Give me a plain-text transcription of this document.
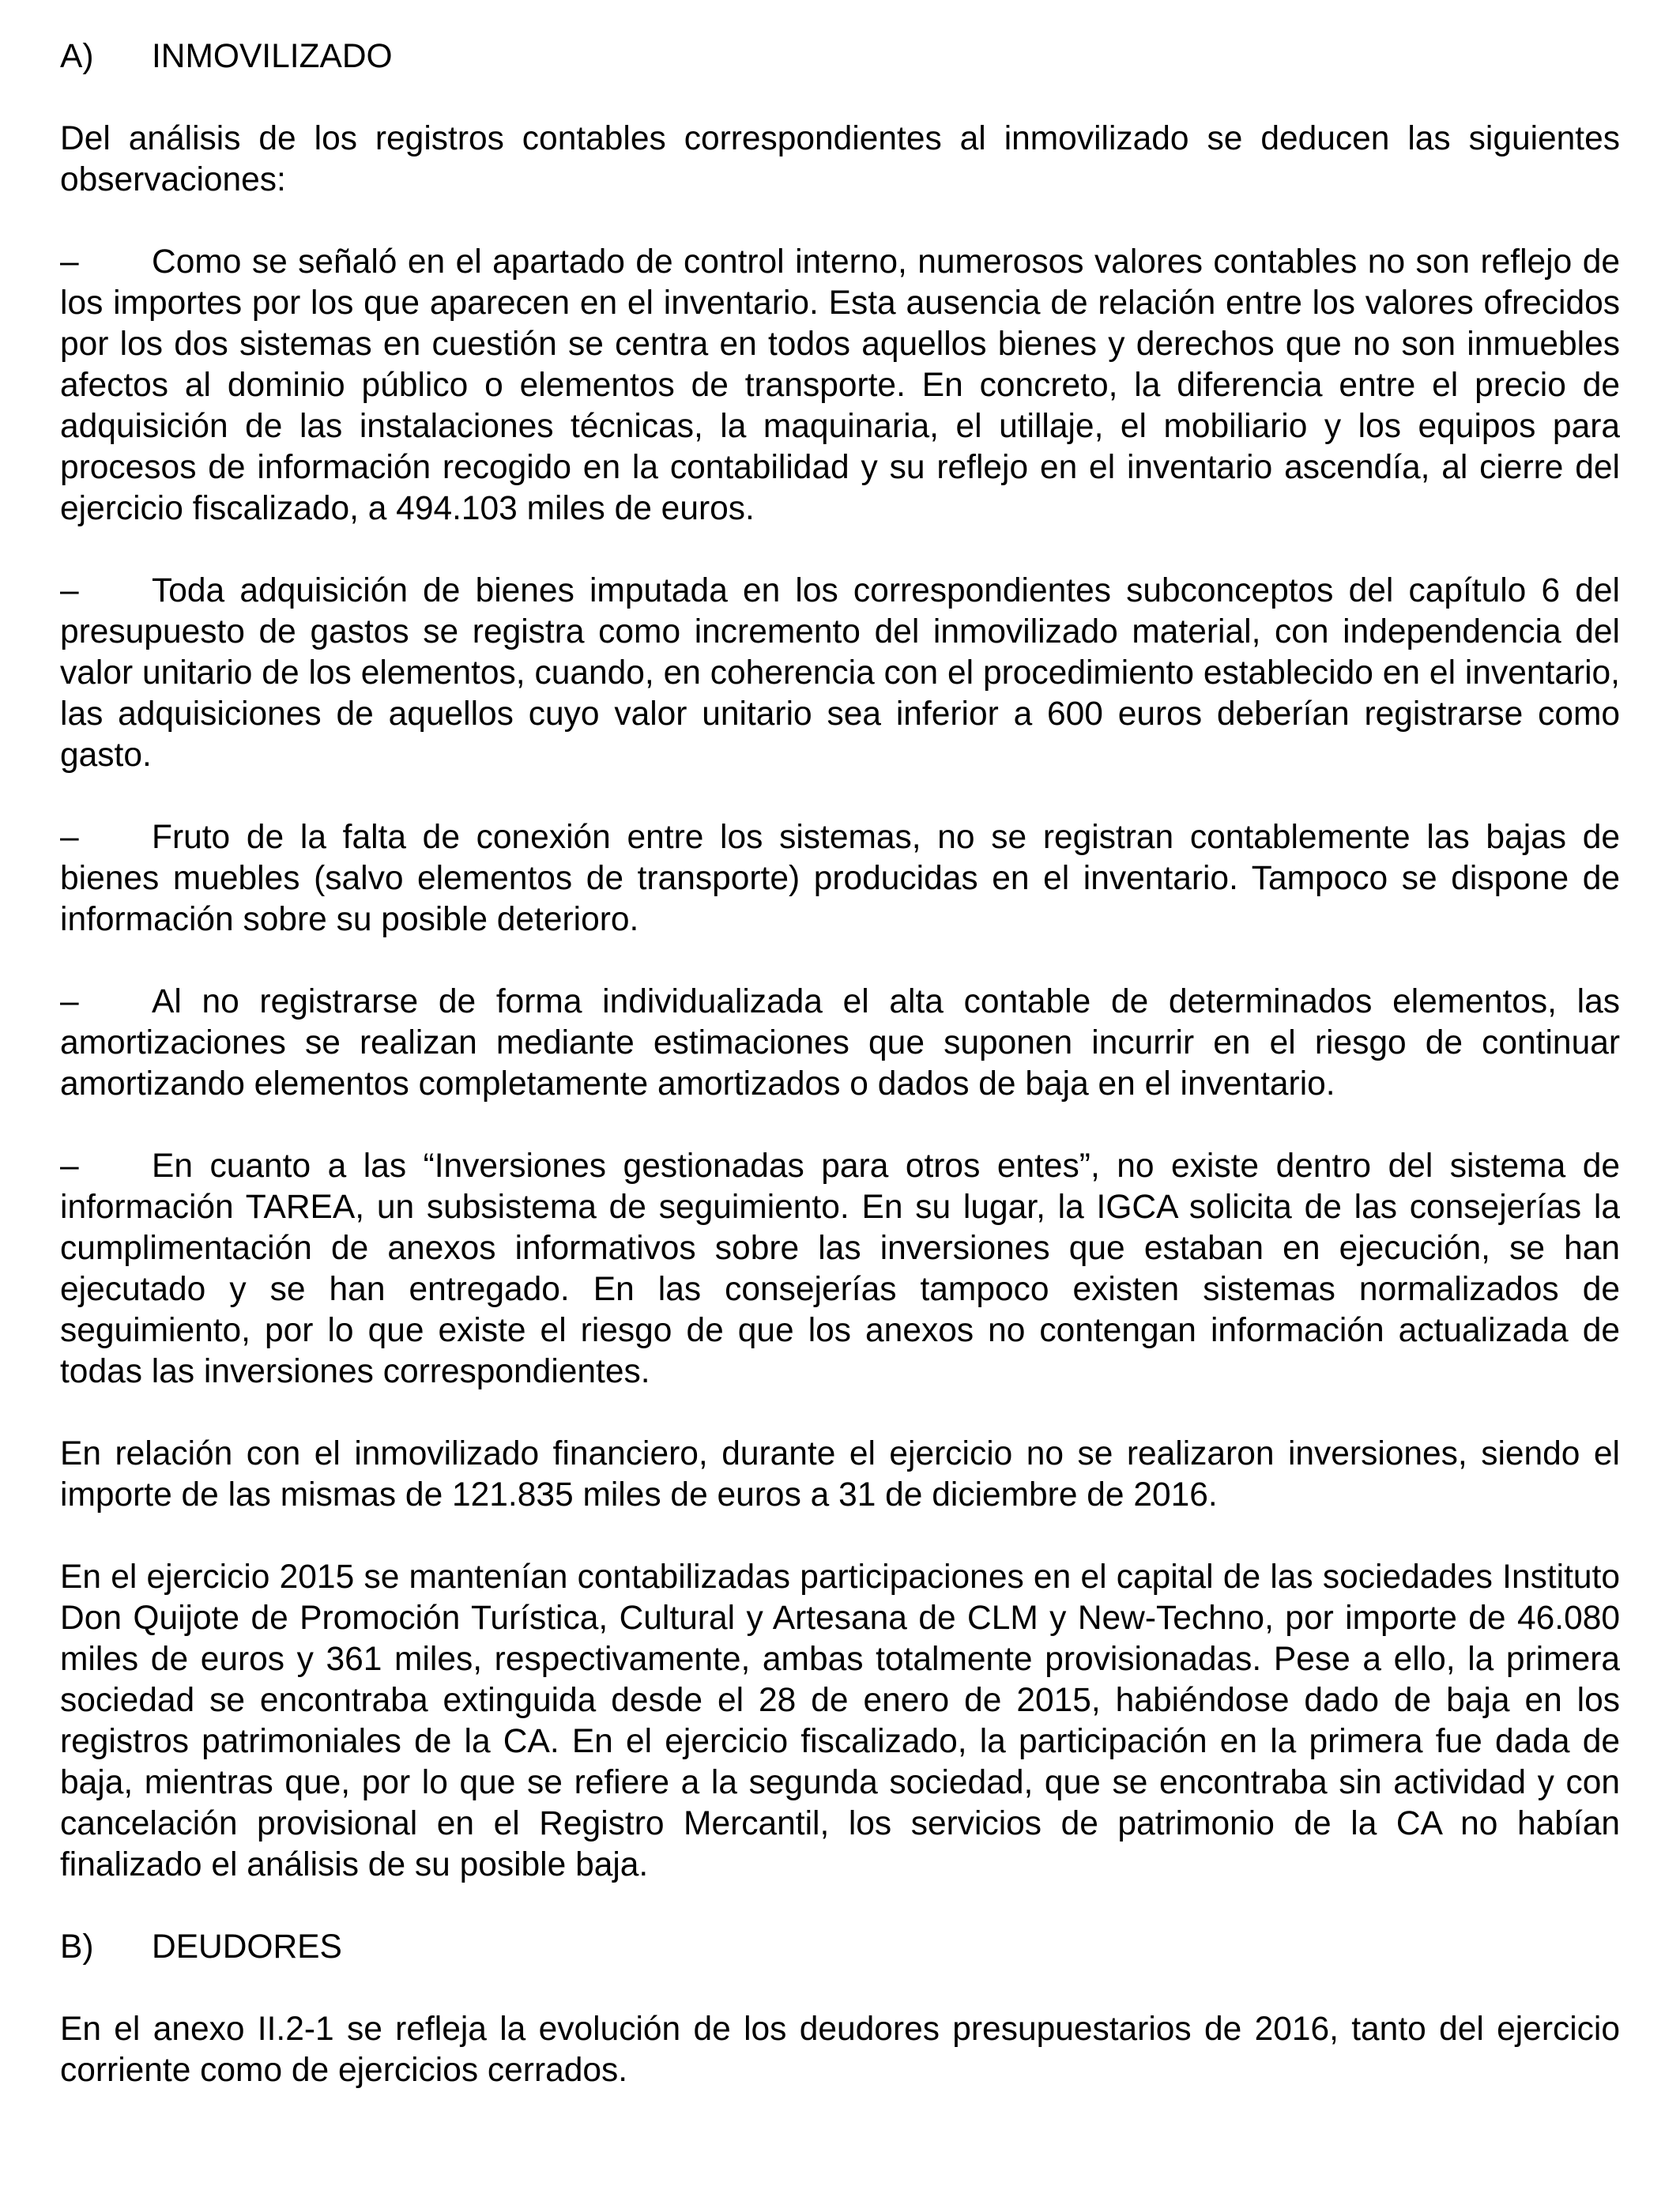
A)	INMOVILIZADO

Del análisis de los registros contables correspondientes al inmovilizado se deducen las siguientes observaciones:

– Como se señaló en el apartado de control interno, numerosos valores contables no son reflejo de los importes por los que aparecen en el inventario. Esta ausencia de relación entre los valores ofrecidos por los dos sistemas en cuestión se centra en todos aquellos bienes y derechos que no son inmuebles afectos al dominio público o elementos de transporte. En concreto, la diferencia entre el precio de adquisición de las instalaciones técnicas, la maquinaria, el utillaje, el mobiliario y los equipos para procesos de información recogido en la contabilidad y su reflejo en el inventario ascendía, al cierre del ejercicio fiscalizado, a 494.103 miles de euros.

– Toda adquisición de bienes imputada en los correspondientes subconceptos del capítulo 6 del presupuesto de gastos se registra como incremento del inmovilizado material, con independencia del valor unitario de los elementos, cuando, en coherencia con el procedimiento establecido en el inventario, las adquisiciones de aquellos cuyo valor unitario sea inferior a 600 euros deberían registrarse como gasto.

– Fruto de la falta de conexión entre los sistemas, no se registran contablemente las bajas de bienes muebles (salvo elementos de transporte) producidas en el inventario. Tampoco se dispone de información sobre su posible deterioro.

– Al no registrarse de forma individualizada el alta contable de determinados elementos, las amortizaciones se realizan mediante estimaciones que suponen incurrir en el riesgo de continuar amortizando elementos completamente amortizados o dados de baja en el inventario.

– En cuanto a las “Inversiones gestionadas para otros entes”, no existe dentro del sistema de información TAREA, un subsistema de seguimiento. En su lugar, la IGCA solicita de las consejerías la cumplimentación de anexos informativos sobre las inversiones que estaban en ejecución, se han ejecutado y se han entregado. En las consejerías tampoco existen sistemas normalizados de seguimiento, por lo que existe el riesgo de que los anexos no contengan información actualizada de todas las inversiones correspondientes.

En relación con el inmovilizado financiero, durante el ejercicio no se realizaron inversiones, siendo el importe de las mismas de 121.835 miles de euros a 31 de diciembre de 2016.

En el ejercicio 2015 se mantenían contabilizadas participaciones en el capital de las sociedades Instituto Don Quijote de Promoción Turística, Cultural y Artesana de CLM y New-Techno, por importe de 46.080 miles de euros y 361 miles, respectivamente, ambas totalmente provisionadas. Pese a ello, la primera sociedad se encontraba extinguida desde el 28 de enero de 2015, habiéndose dado de baja en los registros patrimoniales de la CA. En el ejercicio fiscalizado, la participación en la primera fue dada de baja, mientras que, por lo que se refiere a la segunda sociedad, que se encontraba sin actividad y con cancelación provisional en el Registro Mercantil, los servicios de patrimonio de la CA no habían finalizado el análisis de su posible baja.

B)	DEUDORES

En el anexo II.2-1 se refleja la evolución de los deudores presupuestarios de 2016, tanto del ejercicio corriente como de ejercicios cerrados.
